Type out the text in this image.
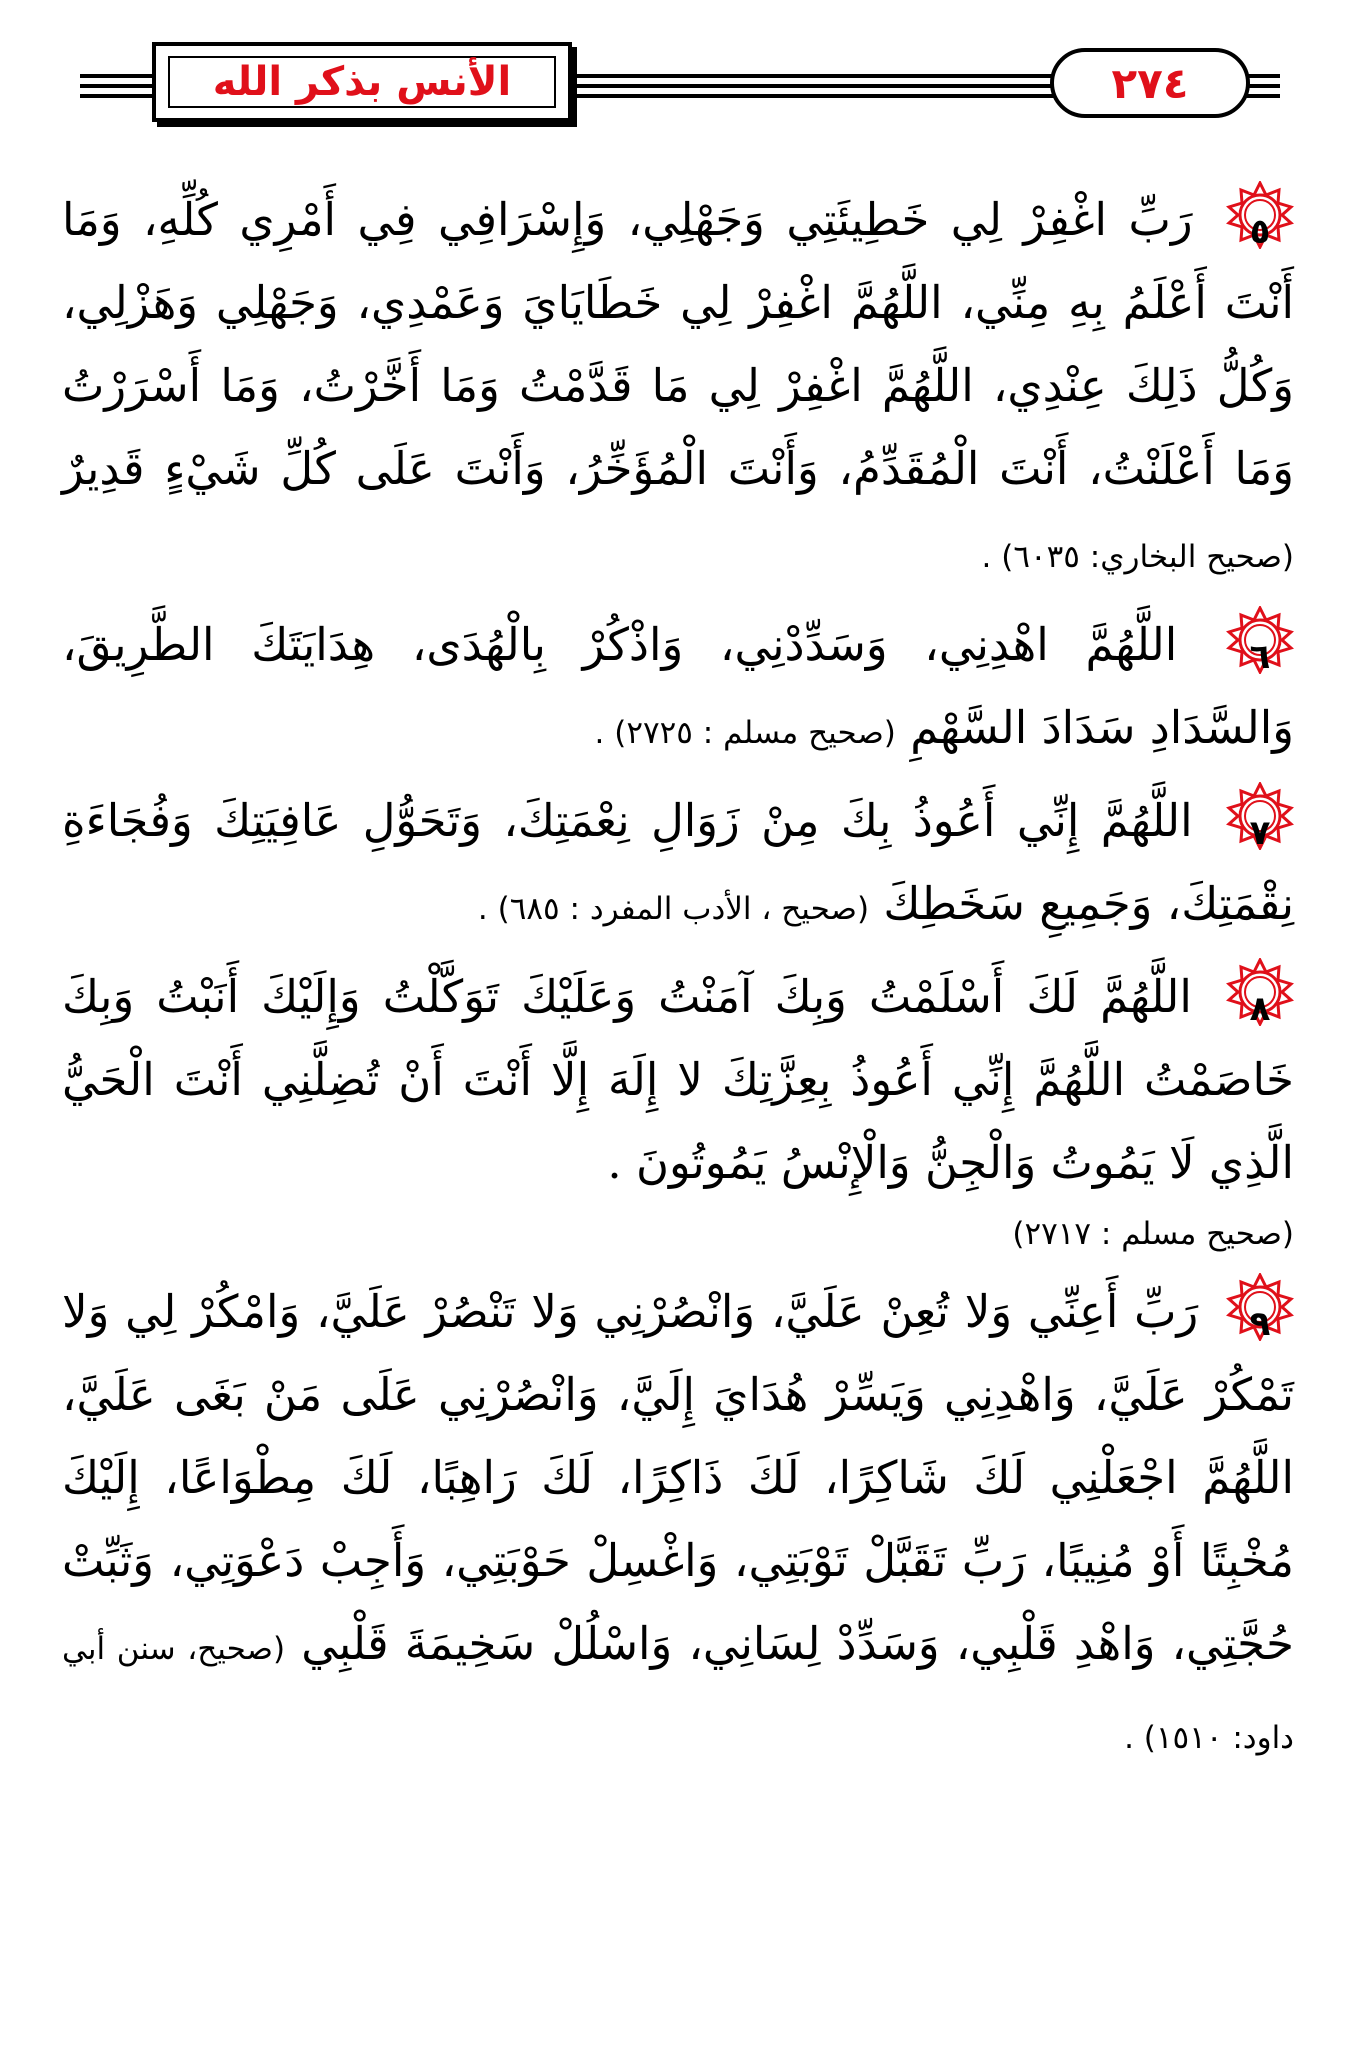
الأنس بذكر الله	٢٧٤

٥
رَبِّ اغْفِرْ لِي خَطِيئَتِي وَجَهْلِي، وَإِسْرَافِي فِي أَمْرِي كُلِّهِ، وَمَا أَنْتَ أَعْلَمُ بِهِ مِنِّي، اللَّهُمَّ اغْفِرْ لِي خَطَايَايَ وَعَمْدِي، وَجَهْلِي وَهَزْلِي، وَكُلُّ ذَلِكَ عِنْدِي، اللَّهُمَّ اغْفِرْ لِي مَا قَدَّمْتُ وَمَا أَخَّرْتُ، وَمَا أَسْرَرْتُ وَمَا أَعْلَنْتُ، أَنْتَ الْمُقَدِّمُ، وَأَنْتَ الْمُؤَخِّرُ، وَأَنْتَ عَلَى كُلِّ شَيْءٍ قَدِيرٌ (صحيح البخاري: ٦٠٣٥) .

٦
اللَّهُمَّ اهْدِنِي، وَسَدِّدْنِي، وَاذْكُرْ بِالْهُدَى، هِدَايَتَكَ الطَّرِيقَ، وَالسَّدَادِ سَدَادَ السَّهْمِ (صحيح مسلم : ٢٧٢٥) .

٧
اللَّهُمَّ إِنِّي أَعُوذُ بِكَ مِنْ زَوَالِ نِعْمَتِكَ، وَتَحَوُّلِ عَافِيَتِكَ وَفُجَاءَةِ نِقْمَتِكَ، وَجَمِيعِ سَخَطِكَ (صحيح ، الأدب المفرد : ٦٨٥) .

٨
اللَّهُمَّ لَكَ أَسْلَمْتُ وَبِكَ آمَنْتُ وَعَلَيْكَ تَوَكَّلْتُ وَإِلَيْكَ أَنَبْتُ وَبِكَ خَاصَمْتُ اللَّهُمَّ إِنِّي أَعُوذُ بِعِزَّتِكَ لا إِلَهَ إِلَّا أَنْتَ أَنْ تُضِلَّنِي أَنْتَ الْحَيُّ الَّذِي لَا يَمُوتُ وَالْجِنُّ وَالْإِنْسُ يَمُوتُونَ .

(صحيح مسلم : ٢٧١٧)

٩
رَبِّ أَعِنِّي وَلا تُعِنْ عَلَيَّ، وَانْصُرْنِي وَلا تَنْصُرْ عَلَيَّ، وَامْكُرْ لِي وَلا تَمْكُرْ عَلَيَّ، وَاهْدِنِي وَيَسِّرْ هُدَايَ إِلَيَّ، وَانْصُرْنِي عَلَى مَنْ بَغَى عَلَيَّ، اللَّهُمَّ اجْعَلْنِي لَكَ شَاكِرًا، لَكَ ذَاكِرًا، لَكَ رَاهِبًا، لَكَ مِطْوَاعًا، إِلَيْكَ مُخْبِتًا أَوْ مُنِيبًا، رَبِّ تَقَبَّلْ تَوْبَتِي، وَاغْسِلْ حَوْبَتِي، وَأَجِبْ دَعْوَتِي، وَثَبِّتْ حُجَّتِي، وَاهْدِ قَلْبِي، وَسَدِّدْ لِسَانِي، وَاسْلُلْ سَخِيمَةَ قَلْبِي (صحيح، سنن أبي داود: ١٥١٠) .
